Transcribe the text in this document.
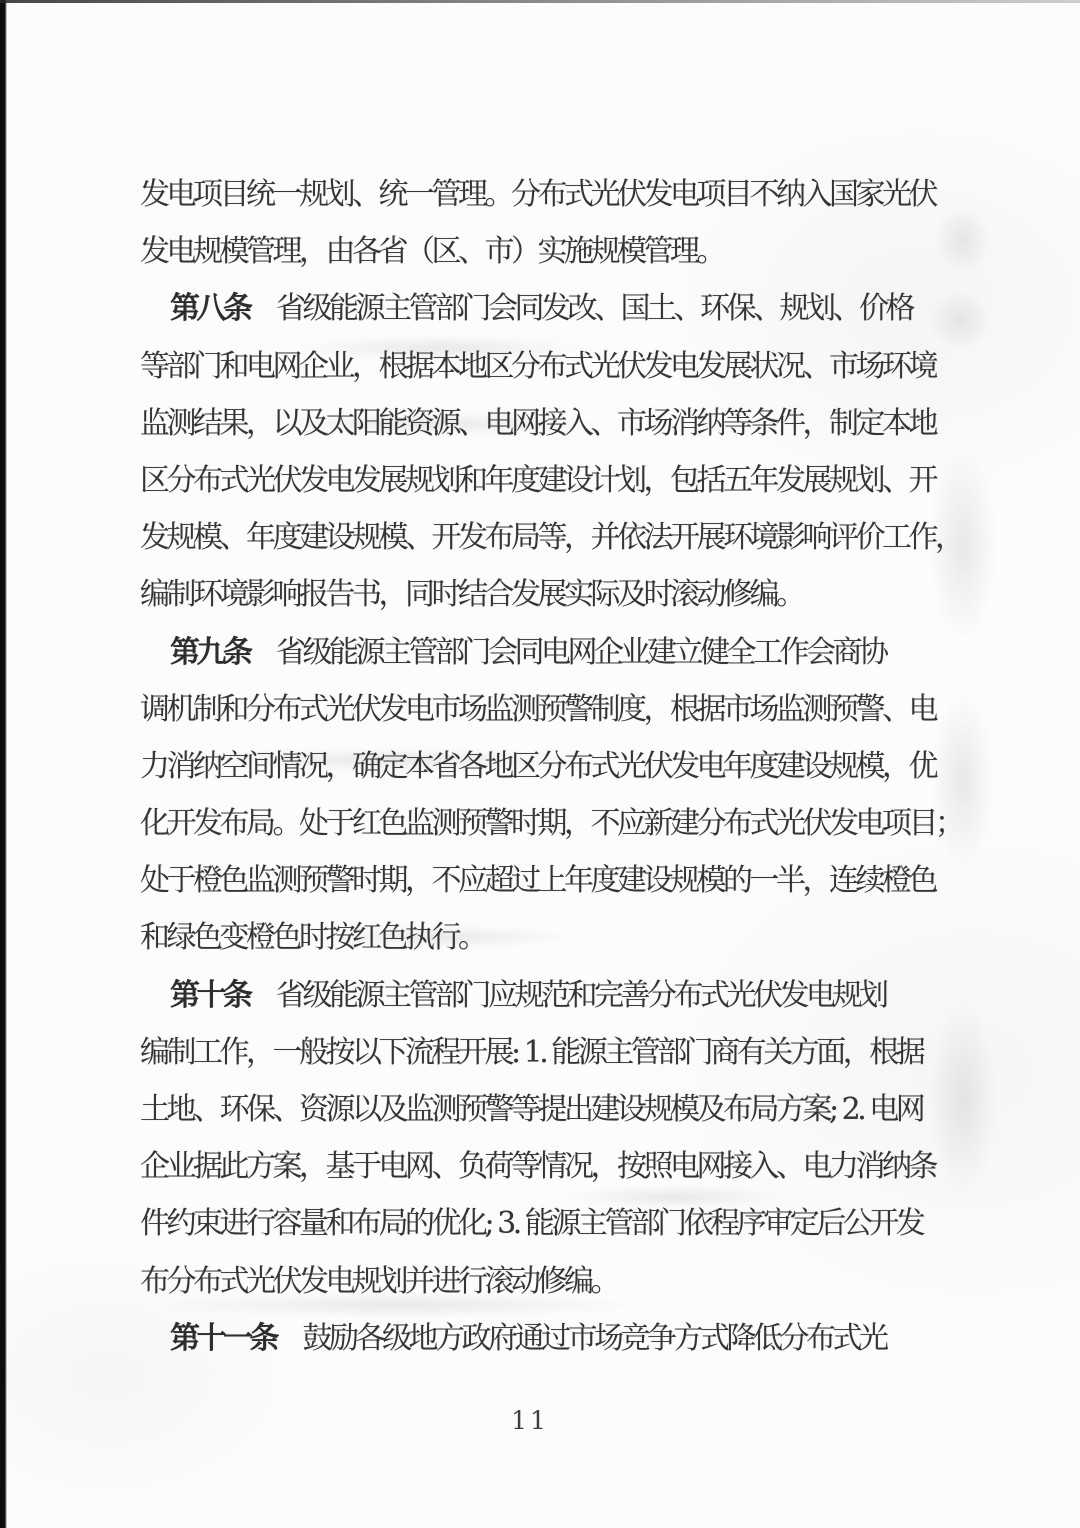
发电项目统一规划、统一管理。分布式光伏发电项目不纳入国家光伏
发电规模管理，由各省（区、市）实施规模管理。
第八条　省级能源主管部门会同发改、国土、环保、规划、价格
等部门和电网企业，根据本地区分布式光伏发电发展状况、市场环境
监测结果，以及太阳能资源、电网接入、市场消纳等条件，制定本地
区分布式光伏发电发展规划和年度建设计划，包括五年发展规划、开
发规模、年度建设规模、开发布局等，并依法开展环境影响评价工作，
编制环境影响报告书，同时结合发展实际及时滚动修编。
第九条　省级能源主管部门会同电网企业建立健全工作会商协
调机制和分布式光伏发电市场监测预警制度，根据市场监测预警、电
力消纳空间情况，确定本省各地区分布式光伏发电年度建设规模，优
化开发布局。处于红色监测预警时期，不应新建分布式光伏发电项目；
处于橙色监测预警时期，不应超过上年度建设规模的一半，连续橙色
和绿色变橙色时按红色执行。
第十条　省级能源主管部门应规范和完善分布式光伏发电规划
编制工作，一般按以下流程开展: 1. 能源主管部门商有关方面，根据
土地、环保、资源以及监测预警等提出建设规模及布局方案; 2. 电网
企业据此方案，基于电网、负荷等情况，按照电网接入、电力消纳条
件约束进行容量和布局的优化; 3. 能源主管部门依程序审定后公开发
布分布式光伏发电规划并进行滚动修编。
第十一条　鼓励各级地方政府通过市场竞争方式降低分布式光
11
